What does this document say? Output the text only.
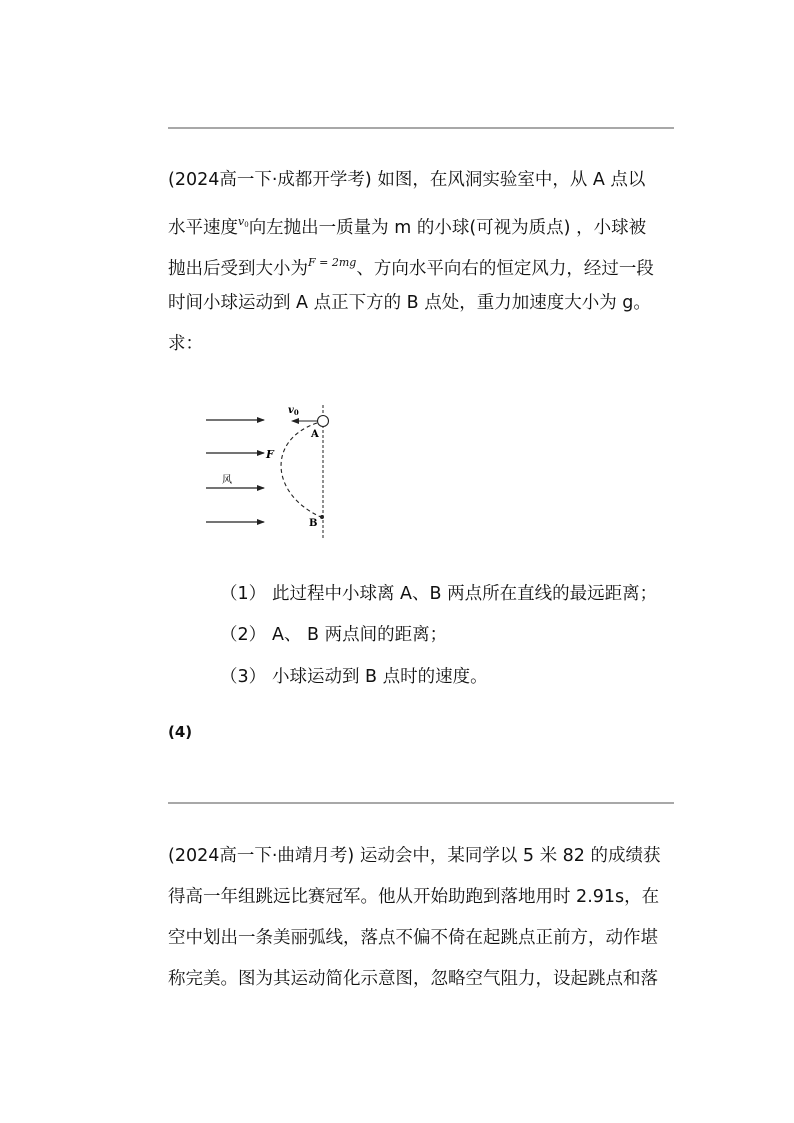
(2024高一下·成都开学考) 如图，在风洞实验室中，从 A 点以
水平速度$^{v_0}$向左抛出一质量为 m 的小球(可视为质点) ，小球被
抛出后受到大小为$^{F = 2mg}$、方向水平向右的恒定风力，经过一段
时间小球运动到 A 点正下方的 B 点处，重力加速度大小为 g。
求：
F
风
$v_0$
A
B
（1） 此过程中小球离 A、B 两点所在直线的最远距离；
（2） A、 B 两点间的距离；
（3） 小球运动到 B 点时的速度。
(4)
(2024高一下·曲靖月考) 运动会中，某同学以 5 米 82 的成绩获
得高一年组跳远比赛冠军。他从开始助跑到落地用时 2.91s，在
空中划出一条美丽弧线，落点不偏不倚在起跳点正前方，动作堪
称完美。图为其运动简化示意图，忽略空气阻力，设起跳点和落
